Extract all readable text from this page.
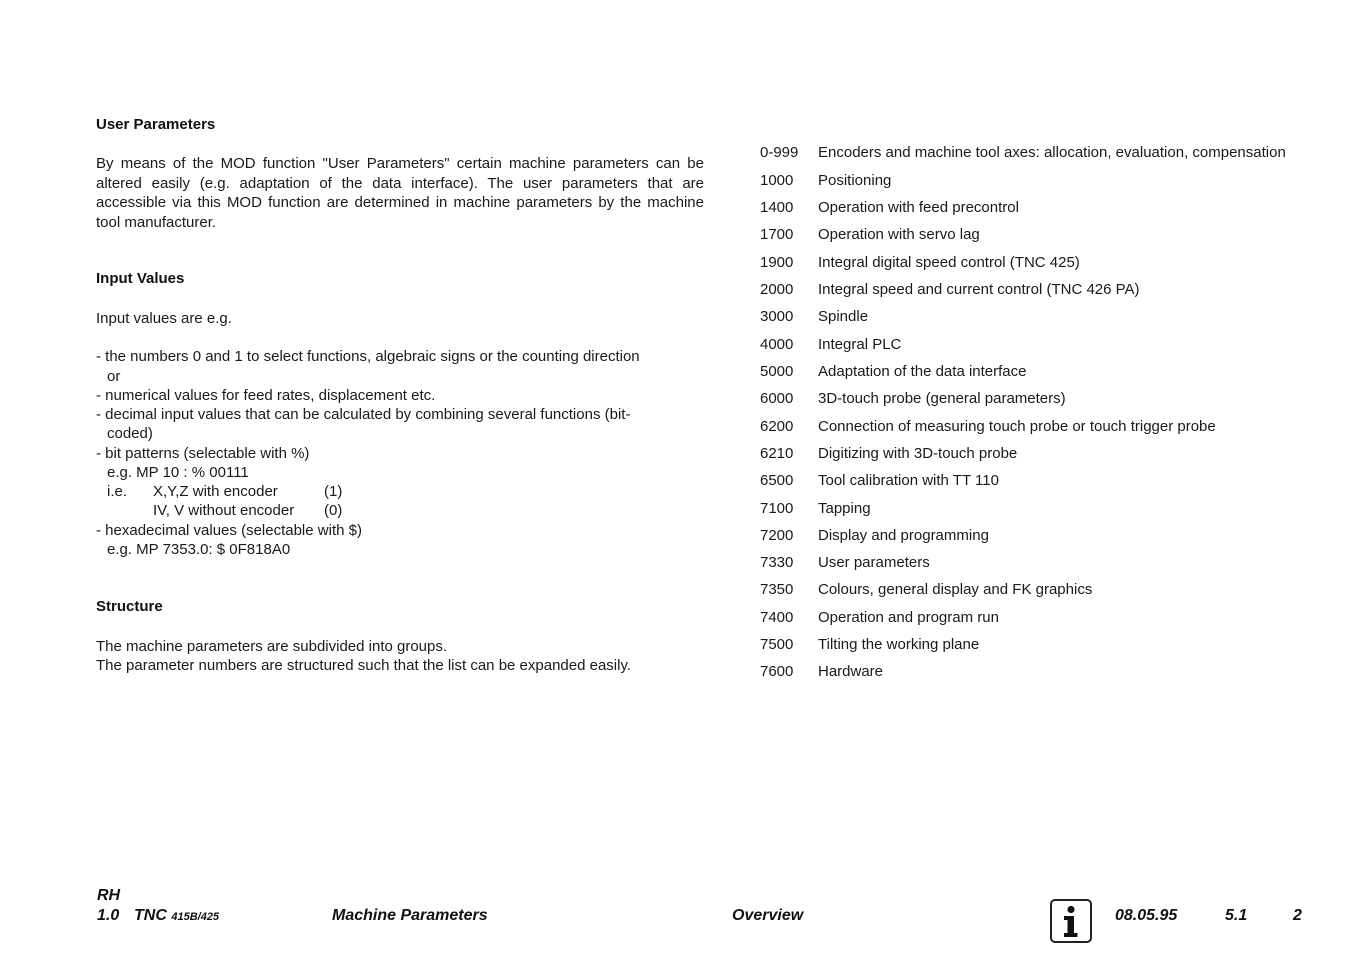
User Parameters
By means of the MOD function "User Parameters" certain machine parameters can be altered easily (e.g. adaptation of the data interface). The user parameters that are accessible via this MOD function are determined in machine parameters by the machine tool manufacturer.
Input Values
Input values are e.g.
- the numbers 0 and 1 to select functions, algebraic signs or the counting direction
or
- numerical values for feed rates, displacement etc.
- decimal input values that can be calculated by combining several functions (bit-
coded)
- bit patterns (selectable with %)
e.g. MP 10 : % 00111
i.e. X,Y,Z with encoder	(1)
IV, V without encoder (0)
- hexadecimal values (selectable with $)
e.g. MP 7353.0: $ 0F818A0
Structure
The machine parameters are subdivided into groups.
The parameter numbers are structured such that the list can be expanded easily.
0-999 Encoders and machine tool axes: allocation, evaluation, compensation
1000 Positioning
1400 Operation with feed precontrol
1700 Operation with servo lag
1900 Integral digital speed control (TNC 425)
2000 Integral speed and current control (TNC 426 PA)
3000 Spindle
4000 Integral PLC
5000 Adaptation of the data interface
6000 3D-touch probe (general parameters)
6200 Connection of measuring touch probe or touch trigger probe
6210 Digitizing with 3D-touch probe
6500 Tool calibration with TT 110
7100 Tapping
7200 Display and programming
7330 User parameters
7350 Colours, general display and FK graphics
7400 Operation and program run
7500 Tilting the working plane
7600 Hardware
RH
1.0 TNC 415B/425	Machine Parameters	Overview	08.05.95	5.1	2
